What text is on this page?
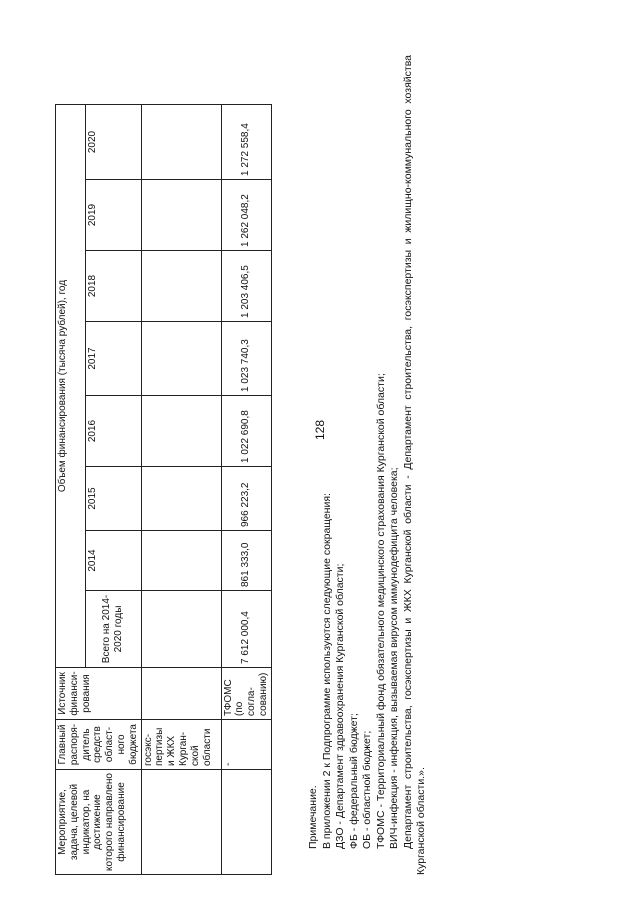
128
Мероприятие, задача, целевой индикатор, на достижение которого направлено финансирование	Главный распоря- дитель средств област- ного бюджета	Источник финанси- рования	Объем финансирования (тысяча рублей), год							
			Всего на 2014-2020 годы	2014	2015	2016	2017	2018	2019	2020
	госэкс- пертизы и ЖКХ Курган- ской области									
	-	ТФОМС (по согла- сованию)	7 612 000,4	861 333,0	966 223,2	1 022 690,8	1 023 740,3	1 203 406,5	1 262 048,2	1 272 558,4

Примечание. В приложении 2 к Подпрограмме используются следующие сокращения: ДЗО - Департамент здравоохранения Курганской области; ФБ - федеральный бюджет; ОБ - областной бюджет; ТФОМС - Территориальный фонд обязательного медицинского страхования Курганской области; ВИЧ-инфекция - инфекция, вызываемая вирусом иммунодефицита человека; Департамент строительства, госэкспертизы и ЖКХ Курганской области - Департамент строительства, госэкспертизы и жилищно-коммунального хозяйства Курганской области.».
